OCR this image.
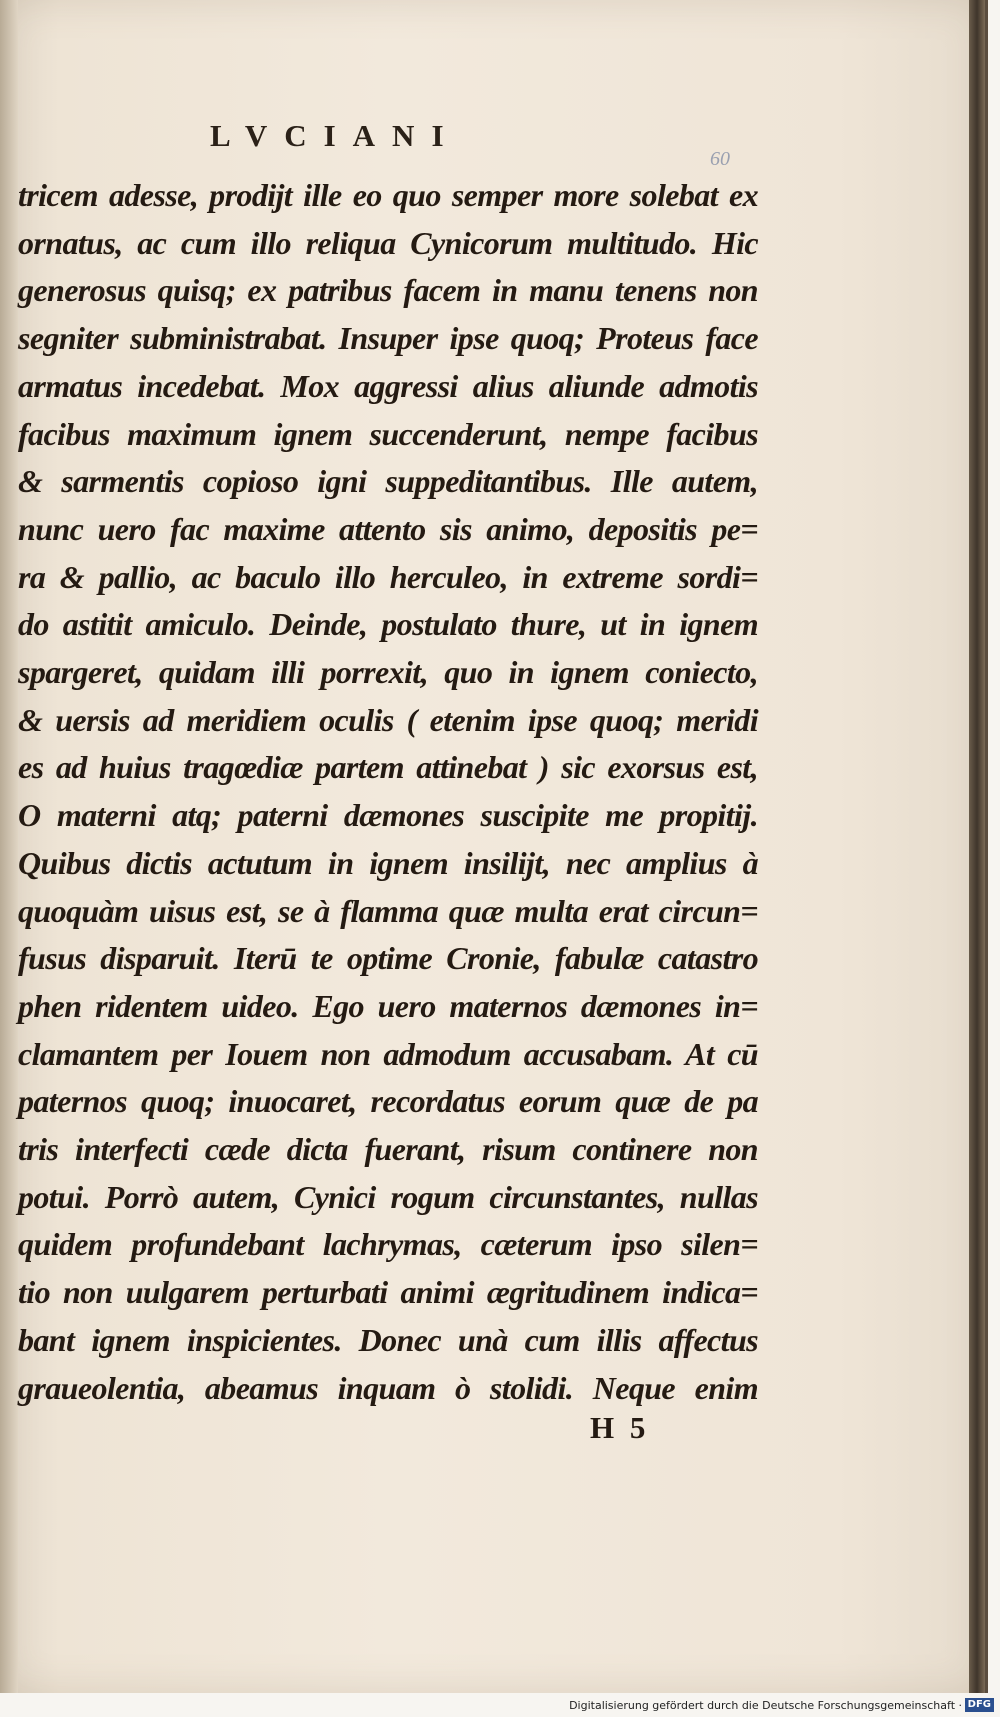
LVCIANI
60
tricem adesse, prodijt ille eo quo semper more solebat ex
ornatus, ac cum illo reliqua Cynicorum multitudo. Hic
generosus quisq; ex patribus facem in manu tenens non
segniter subministrabat. Insuper ipse quoq; Proteus face
armatus incedebat. Mox aggressi alius aliunde admotis
facibus maximum ignem succenderunt, nempe facibus
& sarmentis copioso igni suppeditantibus. Ille autem,
nunc uero fac maxime attento sis animo, depositis pe=
ra & pallio, ac baculo illo herculeo, in extreme sordi=
do astitit amiculo. Deinde, postulato thure, ut in ignem
spargeret, quidam illi porrexit, quo in ignem coniecto,
& uersis ad meridiem oculis ( etenim ipse quoq; meridi
es ad huius tragœdiæ partem attinebat ) sic exorsus est,
O materni atq; paterni dæmones suscipite me propitij.
Quibus dictis actutum in ignem insilijt, nec amplius à
quoquàm uisus est, se à flamma quæ multa erat circun=
fusus disparuit. Iterū te optime Cronie, fabulæ catastro
phen ridentem uideo. Ego uero maternos dæmones in=
clamantem per Iouem non admodum accusabam. At cū
paternos quoq; inuocaret, recordatus eorum quæ de pa
tris interfecti cæde dicta fuerant, risum continere non
potui. Porrò autem, Cynici rogum circunstantes, nullas
quidem profundebant lachrymas, cæterum ipso silen=
tio non uulgarem perturbati animi ægritudinem indica=
bant ignem inspicientes. Donec unà cum illis affectus
graueolentia, abeamus inquam ò stolidi. Neque enim
H 5
Digitalisierung gefördert durch die Deutsche Forschungsgemeinschaft · DFG
